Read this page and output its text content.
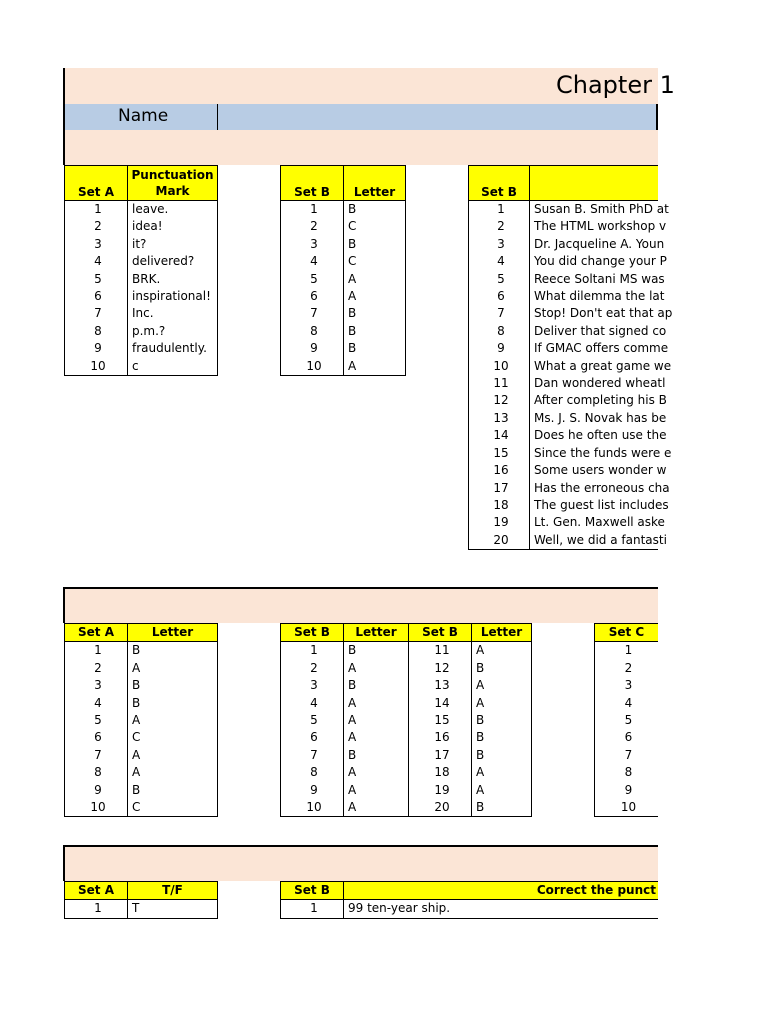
Chapter 1
Name
Set A	Punctuation
Mark
1	leave.
2	idea!
3	it?
4	delivered?
5	BRK.
6	inspirational!
7	Inc.
8	p.m.?
9	fraudulently.
10	c
Set B	Letter
1	B
2	C
3	B
4	C
5	A
6	A
7	B
8	B
9	B
10	A
Set B	
1	Susan B. Smith PhD at
2	The HTML workshop v
3	Dr. Jacqueline A. Youn
4	You did change your P
5	Reece Soltani MS was
6	What dilemma the lat
7	Stop! Don't eat that ap
8	Deliver that signed co
9	If GMAC offers comme
10	What a great game we
11	Dan wondered wheatl
12	After completing his B
13	Ms. J. S. Novak has be
14	Does he often use the
15	Since the funds were e
16	Some users wonder w
17	Has the erroneous cha
18	The guest list includes
19	Lt. Gen. Maxwell aske
20	Well, we did a fantasti
Set A	Letter
1	B
2	A
3	B
4	B
5	A
6	C
7	A
8	A
9	B
10	C
Set B	Letter	Set B	Letter
1	B	11	A
2	A	12	B
3	B	13	A
4	A	14	A
5	A	15	B
6	A	16	B
7	B	17	B
8	A	18	A
9	A	19	A
10	A	20	B
Set C
1
2
3
4
5
6
7
8
9
10
Set A	T/F
1	T
Set B	Correct the punct
1	99 ten-year ship.
